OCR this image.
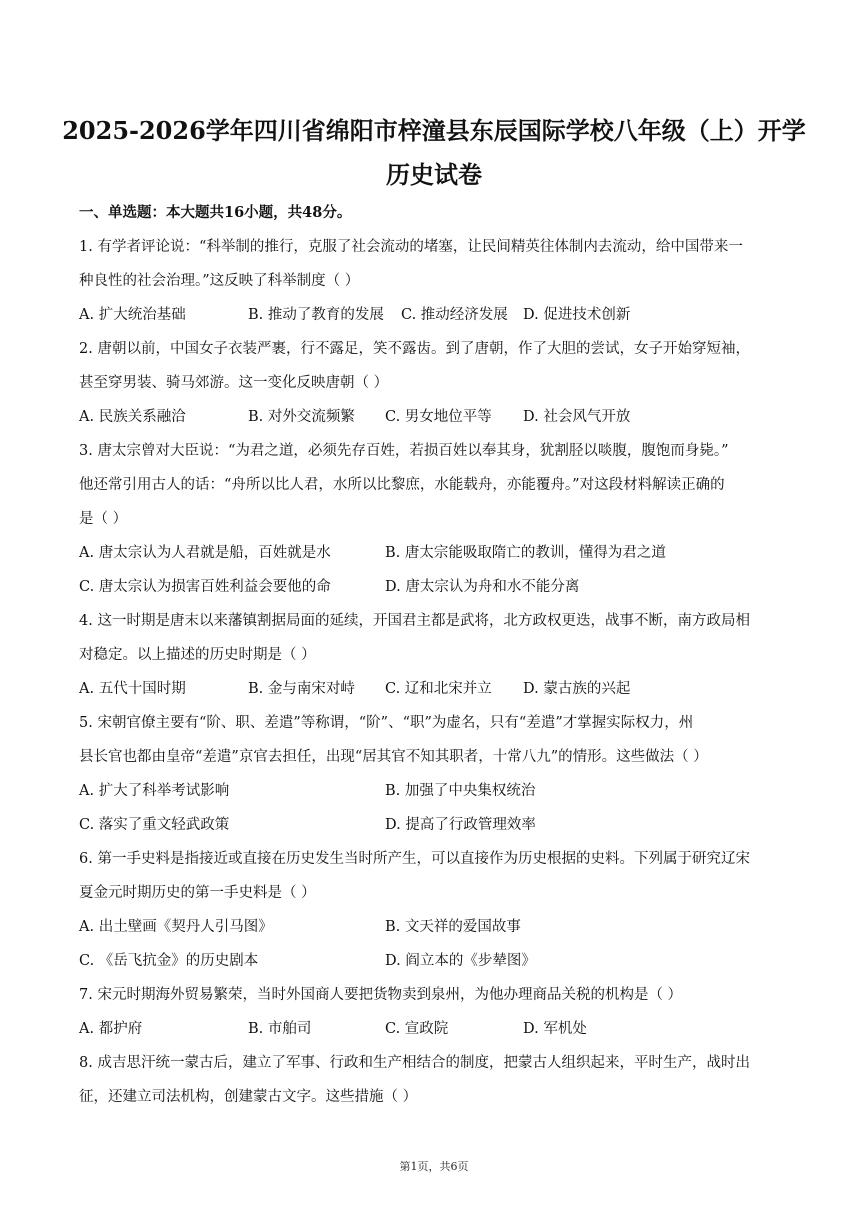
2025-2026学年四川省绵阳市梓潼县东辰国际学校八年级（上）开学
历史试卷
一、单选题：本大题共16小题，共48分。
1. 有学者评论说：“科举制的推行，克服了社会流动的堵塞，让民间精英往体制内去流动，给中国带来一
种良性的社会治理。”这反映了科举制度（ ）
A. 扩大统治基础	B. 推动了教育的发展 C. 推动经济发展 D. 促进技术创新
2. 唐朝以前，中国女子衣装严裹，行不露足，笑不露齿。到了唐朝，作了大胆的尝试，女子开始穿短袖，
甚至穿男装、骑马郊游。这一变化反映唐朝（ ）
A. 民族关系融洽	B. 对外交流频繁 C. 男女地位平等 D. 社会风气开放
3. 唐太宗曾对大臣说：“为君之道，必须先存百姓，若损百姓以奉其身，犹割胫以啖腹，腹饱而身毙。”
他还常引用古人的话：“舟所以比人君，水所以比黎庶，水能载舟，亦能覆舟。”对这段材料解读正确的
是（ ）
A. 唐太宗认为人君就是船，百姓就是水	B. 唐太宗能吸取隋亡的教训，懂得为君之道
C. 唐太宗认为损害百姓利益会要他的命	D. 唐太宗认为舟和水不能分离
4. 这一时期是唐末以来藩镇割据局面的延续，开国君主都是武将，北方政权更迭，战事不断，南方政局相
对稳定。以上描述的历史时期是（ ）
A. 五代十国时期	B. 金与南宋对峙 C. 辽和北宋并立 D. 蒙古族的兴起
5. 宋朝官僚主要有“阶、职、差遣”等称谓，“阶”、“职”为虚名，只有“差遣”才掌握实际权力，州
县长官也都由皇帝“差遣”京官去担任，出现“居其官不知其职者，十常八九”的情形。这些做法（ ）
A. 扩大了科举考试影响	B. 加强了中央集权统治
C. 落实了重文轻武政策	D. 提高了行政管理效率
6. 第一手史料是指接近或直接在历史发生当时所产生，可以直接作为历史根据的史料。下列属于研究辽宋
夏金元时期历史的第一手史料是（ ）
A. 出土壁画《契丹人引马图》	B. 文天祥的爱国故事
C. 《岳飞抗金》的历史剧本	D. 阎立本的《步辇图》
7. 宋元时期海外贸易繁荣，当时外国商人要把货物卖到泉州，为他办理商品关税的机构是（ ）
A. 都护府	B. 市舶司	C. 宣政院	D. 军机处
8. 成吉思汗统一蒙古后，建立了军事、行政和生产相结合的制度，把蒙古人组织起来，平时生产，战时出
征，还建立司法机构，创建蒙古文字。这些措施（ ）
第1页，共6页
